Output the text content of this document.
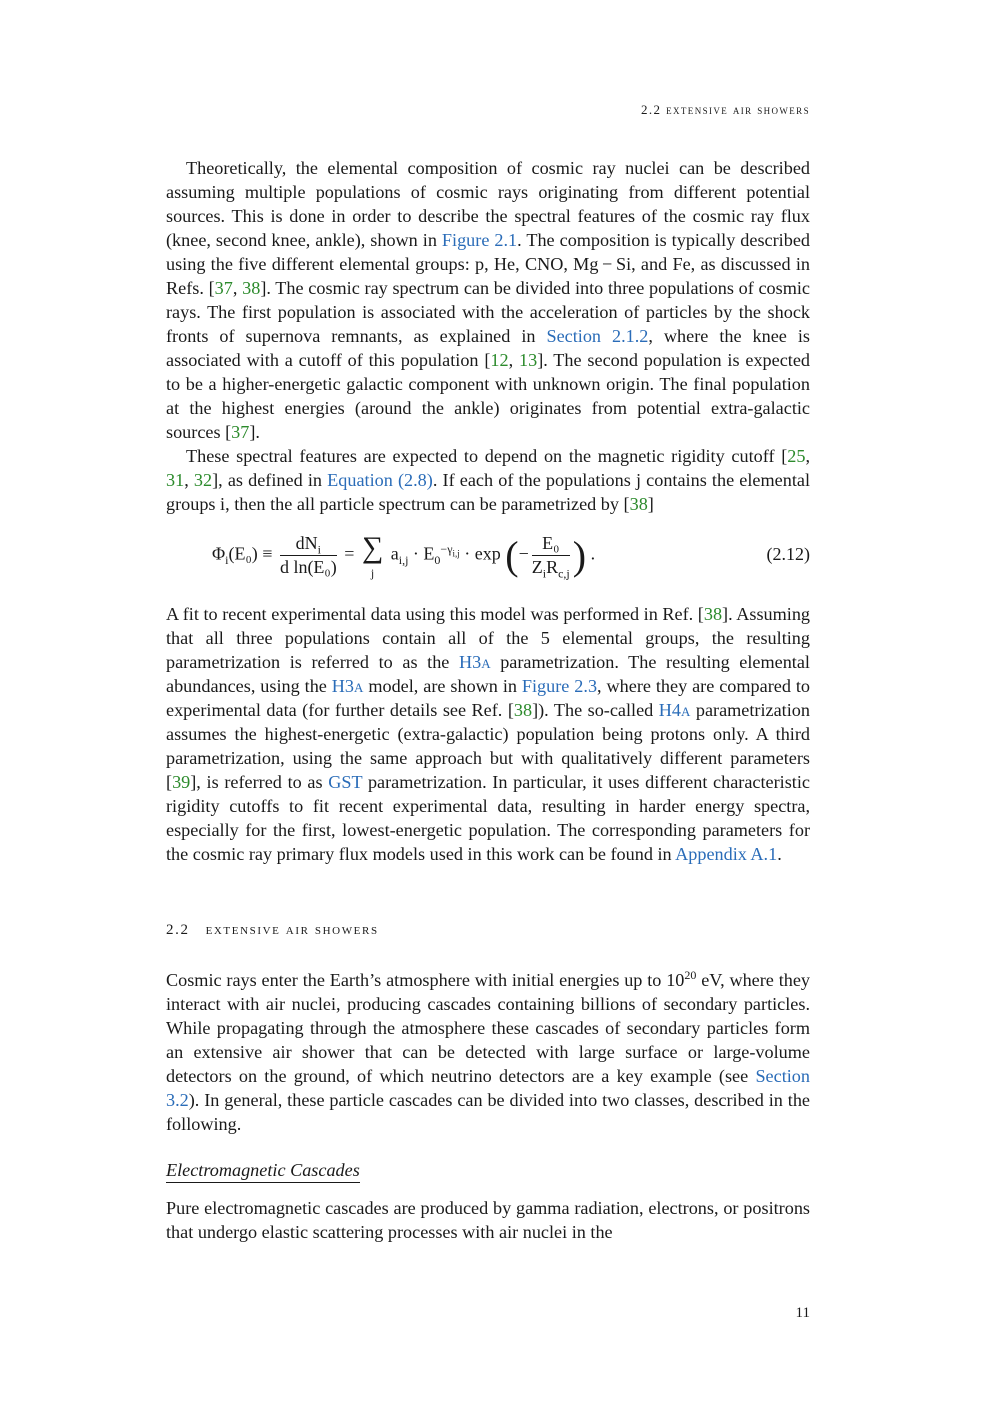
2.2 extensive air showers

Theoretically, the elemental composition of cosmic ray nuclei can be described assuming multiple populations of cosmic rays originating from different potential sources. This is done in order to describe the spectral features of the cosmic ray flux (knee, second knee, ankle), shown in Figure 2.1. The composition is typically described using the five different elemental groups: p, He, CNO, Mg − Si, and Fe, as discussed in Refs. [37, 38]. The cosmic ray spectrum can be divided into three populations of cosmic rays. The first population is associated with the acceleration of particles by the shock fronts of supernova remnants, as explained in Section 2.1.2, where the knee is associated with a cutoff of this population [12, 13]. The second population is expected to be a higher-energetic galactic component with unknown origin. The final population at the highest energies (around the ankle) originates from potential extra-galactic sources [37].

These spectral features are expected to depend on the magnetic rigidity cutoff [25, 31, 32], as defined in Equation (2.8). If each of the populations j contains the elemental groups i, then the all particle spectrum can be parametrized by [38]

$\Phi_i(E_0) \equiv \frac{dN_i}{\text{d ln(E₀)}}$ = ∑
j
$a_{i,j} \cdot E_0^{-\gamma_{i,j}} \cdot \exp$ (− $\frac{\text{E₀}}{Z_iR_{c,j}}$ ) .	(2.12)

A fit to recent experimental data using this model was performed in Ref. [38]. Assuming that all three populations contain all of the 5 elemental groups, the resulting parametrization is referred to as the H3a parametrization. The resulting elemental abundances, using the H3a model, are shown in Figure 2.3, where they are compared to experimental data (for further details see Ref. [38]). The so-called H4a parametrization assumes the highest-energetic (extra-galactic) population being protons only. A third parametrization, using the same approach but with qualitatively different parameters [39], is referred to as GST parametrization. In particular, it uses different characteristic rigidity cutoffs to fit recent experimental data, resulting in harder energy spectra, especially for the first, lowest-energetic population. The corresponding parameters for the cosmic ray primary flux models used in this work can be found in Appendix A.1.

2.2 extensive air showers

Cosmic rays enter the Earth’s atmosphere with initial energies up to $10^{20}$ eV, where they interact with air nuclei, producing cascades containing billions of secondary particles. While propagating through the atmosphere these cascades of secondary particles form an extensive air shower that can be detected with large surface or large-volume detectors on the ground, of which neutrino detectors are a key example (see Section 3.2). In general, these particle cascades can be divided into two classes, described in the following.

Electromagnetic Cascades

Pure electromagnetic cascades are produced by gamma radiation, electrons, or positrons that undergo elastic scattering processes with air nuclei in the

11
